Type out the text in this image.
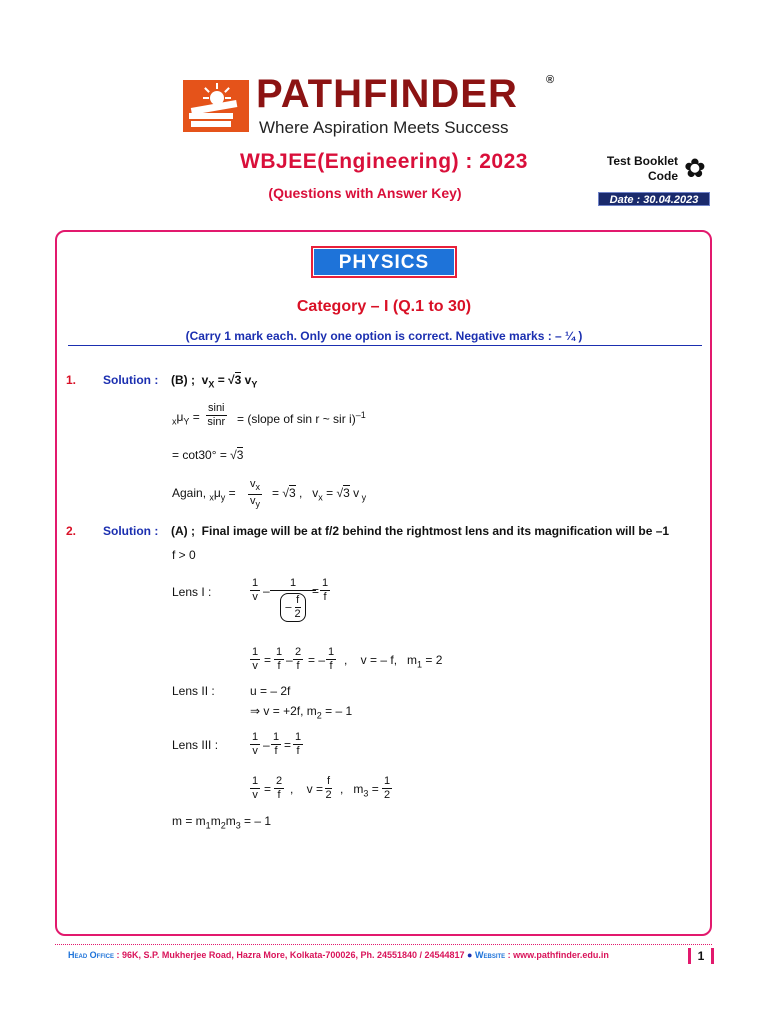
PATHFINDER	®
Where Aspiration Meets Success
WBJEE(Engineering) : 2023
(Questions with Answer Key)
Test Booklet
Code ✿
Date : 30.04.2023
PHYSICS
Category – I (Q.1 to 30)
(Carry 1 mark each. Only one option is correct. Negative marks : – ¼ )
1. Solution : (B) ;  $v_X = √3$ $v_Y$
$_x\mu_Y = \frac{\sin i}{\sin r}$ = (slope of sin r ~ sir i)$^{-1}$
= cot30° = √3
Again, $_x\mu_y = \frac{v_x}{v_y} = √3$ ,   $v_x = √3$ v $_y$
2. Solution : (A) ; Final image will be at f/2 behind the rightmost lens and its magnification will be –1
f > 0
Lens I :	$\frac{1}{v} - \frac{1}{- \frac{f}{2}}$
= $\frac{1}{f}$
$\frac{1}{v} = \frac{1}{f} - \frac{2}{f}$ = – $\frac{1}{f}$ ,    v = – f,   $m_1 = 2$
Lens II :	u = – 2f
⇒ v = +2f, $m_2$ = – 1
Lens III :	$\frac{1}{v} - \frac{1}{f} = \frac{1}{f}$
$\frac{1}{v} = \frac{2}{f}$ ,    $v = \frac{f}{2}$ ,   $m_3 = \frac{1}{2}$
$m = m_1m_2m_3$ = – 1
Head Office : 96K, S.P. Mukherjee Road, Hazra More, Kolkata-700026, Ph. 24551840 / 24544817 ● Website : www.pathfinder.edu.in	1
